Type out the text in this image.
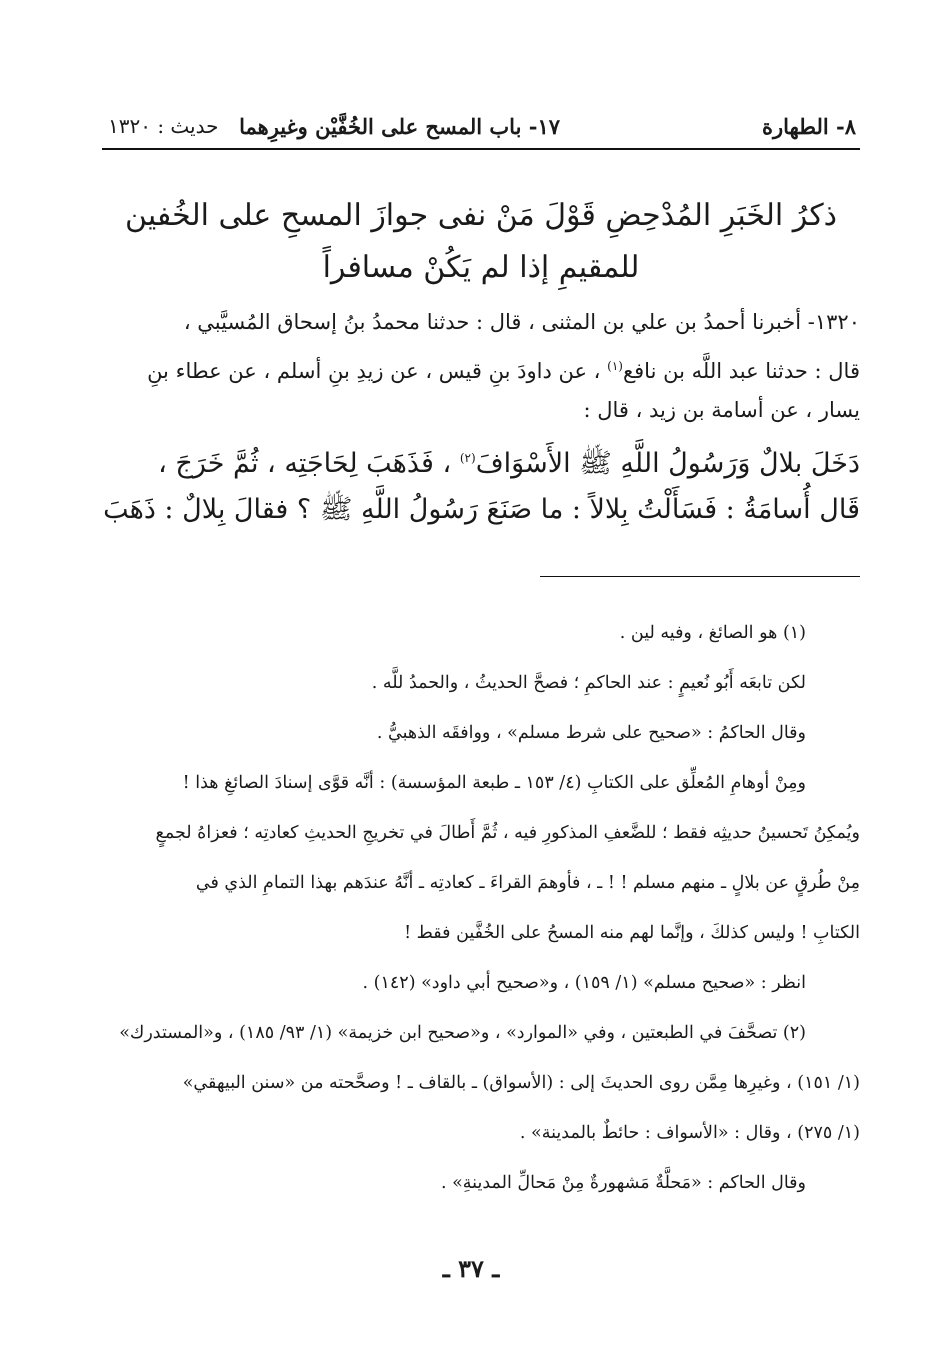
٨- الطهارة
١٧- باب المسح على الخُفَّيْن وغيرِهما
حديث : ١٣٢٠
ذكرُ الخَبَرِ المُدْحِضِ قَوْلَ مَنْ نفى جوازَ المسحِ على الخُفين
للمقيمِ إذا لم يَكُنْ مسافراً
١٣٢٠- أخبرنا أحمدُ بن علي بن المثنى ، قال : حدثنا محمدُ بنُ إسحاق المُسيَّبي ،
قال : حدثنا عبد اللَّه بن نافع$^{(١)}$ ، عن داودَ بنِ قيس ، عن زيدِ بنِ أسلم ، عن عطاء بنِ
يسار ، عن أسامة بن زيد ، قال :
دَخَلَ بلالٌ وَرَسُولُ اللَّهِ ﷺ الأَسْوَافَ$^{(٢)}$ ، فَذَهَبَ لِحَاجَتِه ، ثُمَّ خَرَجَ ،
قَال أُسامَةُ : فَسَأَلْتُ بِلالاً : ما صَنَعَ رَسُولُ اللَّهِ ﷺ ؟ فقالَ بِلالٌ : ذَهَبَ
(١) هو الصائغ ، وفيه لين .
لكن تابعَه أَبُو نُعيمٍ : عند الحاكمِ ؛ فصحَّ الحديثُ ، والحمدُ للَّه .
وقال الحاكمُ : «صحيح على شرط مسلم» ، ووافقَه الذهبيُّ .
ومِنْ أوهامِ المُعلِّق على الكتابِ (٤/ ١٥٣ ـ طبعة المؤسسة) : أنَّه قوَّى إسنادَ الصائغِ هذا !
ويُمكِنُ تَحسينُ حديثِه فقط ؛ للضَّعفِ المذكورِ فيه ، ثُمَّ أَطالَ في تخريجِ الحديثِ كعادتِه ؛ فعزاهُ لجمعٍ
مِنْ طُرقٍ عن بلالٍ ـ منهم مسلم ! ! ـ ، فأوهمَ القراءَ ـ كعادتِه ـ أنَّهُ عندَهم بهذا التمامِ الذي في
الكتابِ ! وليس كذلكَ ، وإنَّما لهم منه المسحُ على الخُفَّين فقط !
انظر : «صحيح مسلم» (١/ ١٥٩) ، و«صحيح أبي داود» (١٤٢) .
(٢) تصحَّفَ في الطبعتين ، وفي «الموارد» ، و«صحيح ابن خزيمة» (١/ ٩٣/ ١٨٥) ، و«المستدرك»
(١/ ١٥١) ، وغيرِها مِمَّن روى الحديثَ إلى : (الأسواق) ـ بالقاف ـ ! وصحَّحته من «سنن البيهقي»
(١/ ٢٧٥) ، وقال : «الأسواف : حائطٌ بالمدينة» .
وقال الحاكم : «مَحلَّةٌ مَشهورةٌ مِنْ مَحالِّ المدينةِ» .
ـ ٣٧ ـ
